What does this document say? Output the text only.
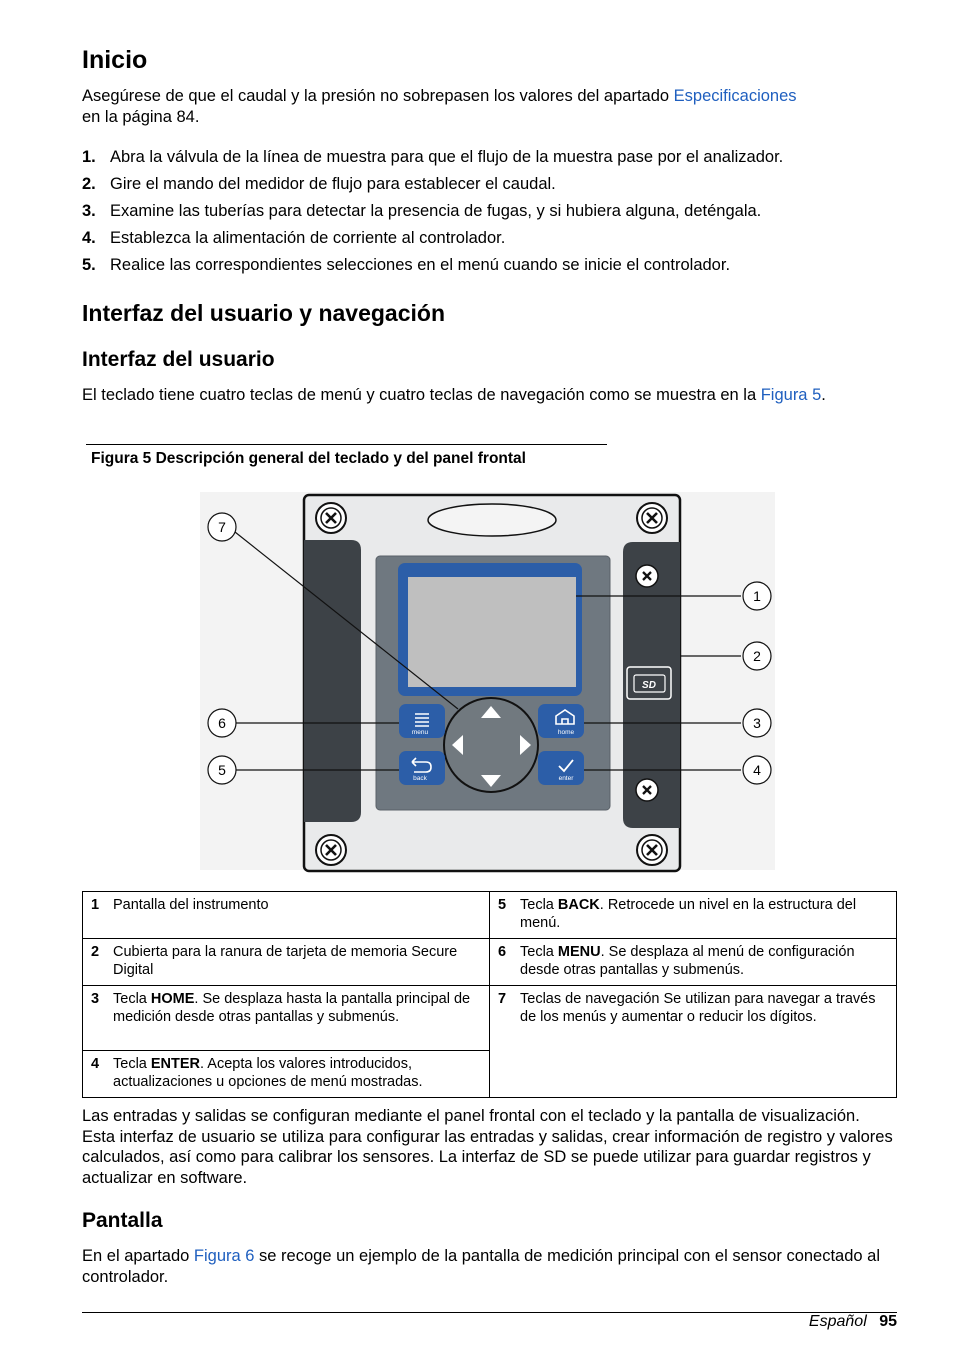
Inicio

Asegúrese de que el caudal y la presión no sobrepasen los valores del apartado Especificaciones
en la página 84.

1. Abra la válvula de la línea de muestra para que el flujo de la muestra pase por el analizador.
2. Gire el mando del medidor de flujo para establecer el caudal.
3. Examine las tuberías para detectar la presencia de fugas, y si hubiera alguna, deténgala.
4. Establezca la alimentación de corriente al controlador.
5. Realice las correspondientes selecciones en el menú cuando se inicie el controlador.
Interfaz del usuario y navegación
Interfaz del usuario

El teclado tiene cuatro teclas de menú y cuatro teclas de navegación como se muestra en la Figura 5.

Figura 5 Descripción general del teclado y del panel frontal
menu	home
back	enter
SD
1
2
3
4
5
6
7
1 Pantalla del instrumento	5 Tecla BACK. Retrocede un nivel en la estructura del menú.
2 Cubierta para la ranura de tarjeta de memoria Secure Digital	6 Tecla MENU. Se desplaza al menú de configuración desde otras pantallas y submenús.
3 Tecla HOME. Se desplaza hasta la pantalla principal de medición desde otras pantallas y submenús.	7 Teclas de navegación Se utilizan para navegar a través de los menús y aumentar o reducir los dígitos.
4 Tecla ENTER. Acepta los valores introducidos, actualizaciones u opciones de menú mostradas.	

Las entradas y salidas se configuran mediante el panel frontal con el teclado y la pantalla de visualización. Esta interfaz de usuario se utiliza para configurar las entradas y salidas, crear información de registro y valores calculados, así como para calibrar los sensores. La interfaz de SD se puede utilizar para guardar registros y actualizar en software.

Pantalla

En el apartado Figura 6 se recoge un ejemplo de la pantalla de medición principal con el sensor conectado al controlador.

Español 95
